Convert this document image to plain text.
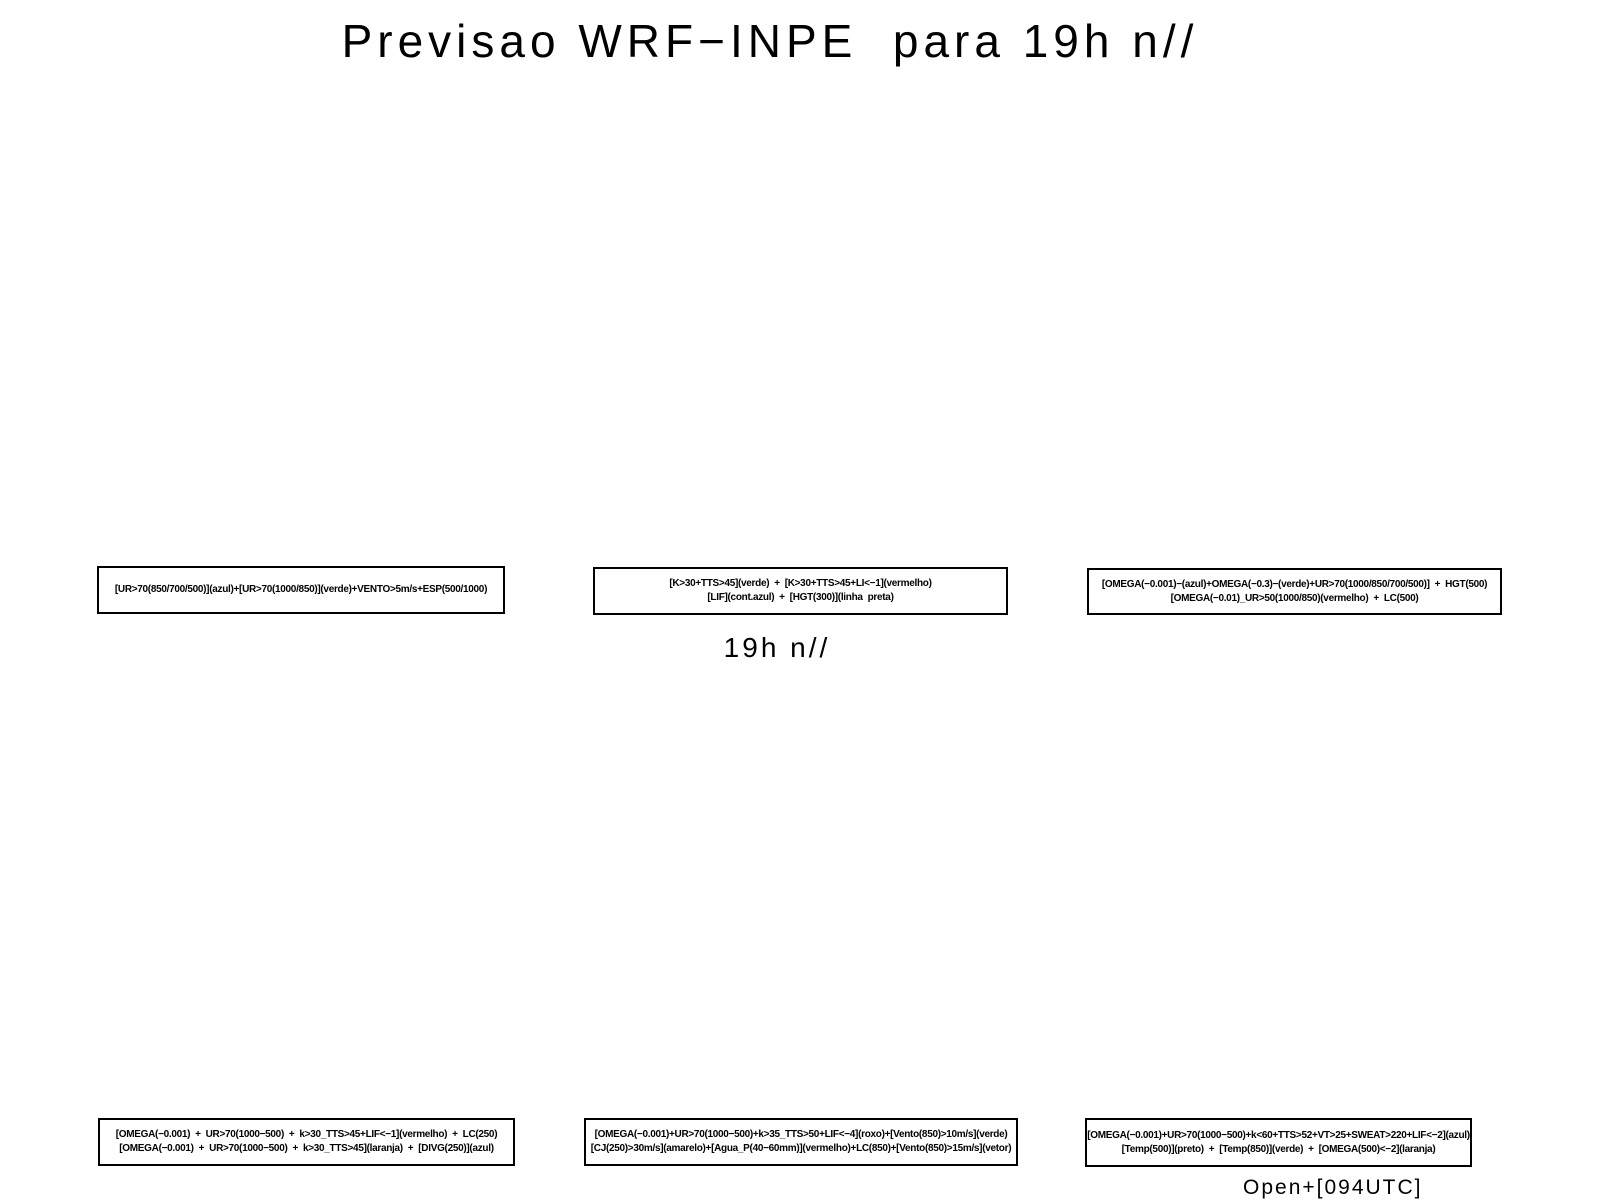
Previsao WRF−INPE  para 19h n//
[UR>70(850/700/500)](azul)+[UR>70(1000/850)](verde)+VENTO>5m/s+ESP(500/1000)
[K>30+TTS>45](verde)  +  [K>30+TTS>45+LI<−1](vermelho)
[LIF](cont.azul)  +  [HGT(300)](linha  preta)
[OMEGA(−0.001)−(azul)+OMEGA(−0.3)−(verde)+UR>70(1000/850/700/500)]  +  HGT(500)
[OMEGA(−0.01)_UR>50(1000/850)(vermelho)  +  LC(500)
19h n//
[OMEGA(−0.001)  +  UR>70(1000−500)  +  k>30_TTS>45+LIF<−1](vermelho)  +  LC(250)
[OMEGA(−0.001)  +  UR>70(1000−500)  +  k>30_TTS>45](laranja)  +  [DIVG(250)](azul)
[OMEGA(−0.001)+UR>70(1000−500)+k>35_TTS>50+LIF<−4](roxo)+[Vento(850)>10m/s](verde)
[CJ(250)>30m/s](amarelo)+[Agua_P(40−60mm)](vermelho)+LC(850)+[Vento(850)>15m/s](vetor)
[OMEGA(−0.001)+UR>70(1000−500)+k<60+TTS>52+VT>25+SWEAT>220+LIF<−2](azul)
[Temp(500)](preto)  +  [Temp(850)](verde)  +  [OMEGA(500)<−2](laranja)
Open+[094UTC]
